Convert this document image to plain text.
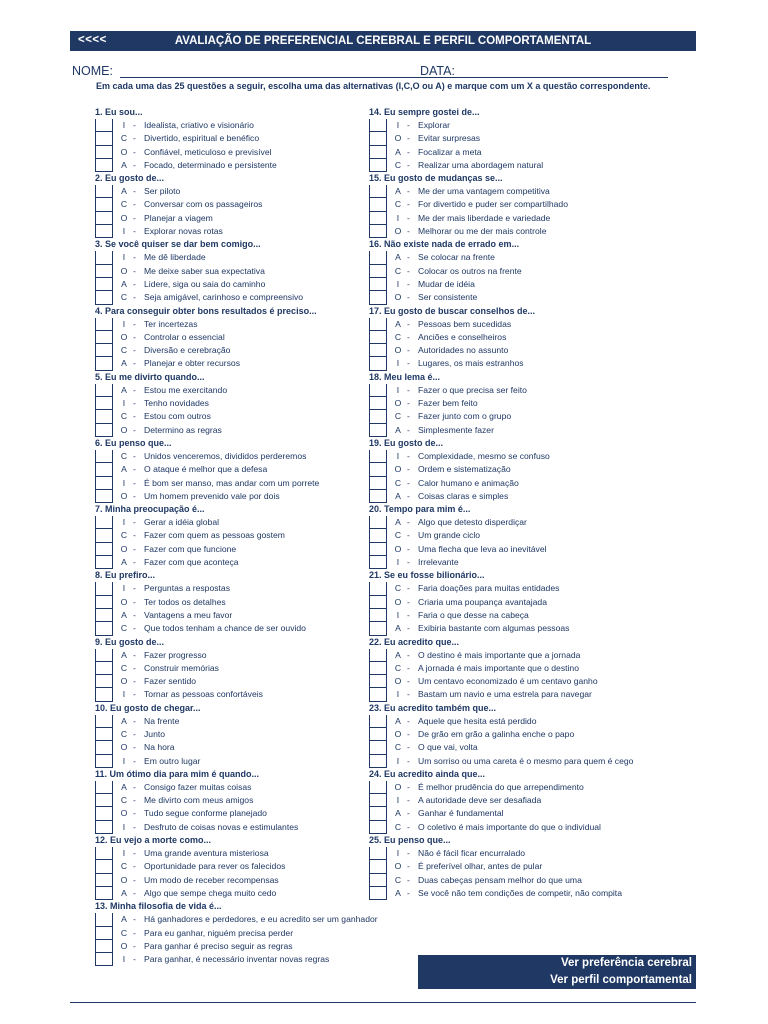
<<<<	AVALIAÇÃO DE PREFERENCIAL CEREBRAL E PERFIL COMPORTAMENTAL
NOME:	DATA:
Em cada uma das 25 questões a seguir, escolha uma das alternativas (I,C,O ou A) e marque com um X a questão correspondente.
1. Eu sou...
I - Idealista, criativo e visionário
C - Divertido, espiritual e benéfico
O - Confiável, meticuloso e previsível
A - Focado, determinado e persistente
2. Eu gosto de...
A - Ser piloto
C - Conversar com os passageiros
O - Planejar a viagem
I - Explorar novas rotas
3. Se você quiser se dar bem comigo...
I - Me dê liberdade
O - Me deixe saber sua expectativa
A - Lidere, siga ou saia do caminho
C - Seja amigável, carinhoso e compreensivo
4. Para conseguir obter bons resultados é preciso...
I - Ter incertezas
O - Controlar o essencial
C - Diversão e cerebração
A - Planejar e obter recursos
5. Eu me divirto quando...
A - Estou me exercitando
I - Tenho novidades
C - Estou com outros
O - Determino as regras
6. Eu penso que...
C - Unidos venceremos, divididos perderemos
A - O ataque é melhor que a defesa
I - É bom ser manso, mas andar com um porrete
O - Um homem prevenido vale por dois
7. Minha preocupação é...
I - Gerar a idéia global
C - Fazer com quem as pessoas gostem
O - Fazer com que funcione
A - Fazer com que aconteça
8. Eu prefiro...
I - Perguntas a respostas
O - Ter todos os detalhes
A - Vantagens a meu favor
C - Que todos tenham a chance de ser ouvido
9. Eu gosto de...
A - Fazer progresso
C - Construir memórias
O - Fazer sentido
I - Tornar as pessoas confortáveis
10. Eu gosto de chegar...
A - Na frente
C - Junto
O - Na hora
I - Em outro lugar
11. Um ótimo dia para mim é quando...
A - Consigo fazer muitas coisas
C - Me divirto com meus amigos
O - Tudo segue conforme planejado
I - Desfruto de coisas novas e estimulantes
12. Eu vejo a morte como...
I - Uma grande aventura misteriosa
C - Oportunidade para rever os falecidos
O - Um modo de receber recompensas
A - Algo que sempe chega muito cedo
13. Minha filosofia de vida é...
A - Há ganhadores e perdedores, e eu acredito ser um ganhador
C - Para eu ganhar, niguém precisa perder
O - Para ganhar é preciso seguir as regras
I - Para ganhar, é necessário inventar novas regras
14. Eu sempre gostei de...
I - Explorar
O - Evitar surpresas
A - Focalizar a meta
C - Realizar uma abordagem natural
15. Eu gosto de mudanças se...
A - Me der uma vantagem competitiva
C - For divertido e puder ser compartilhado
I - Me der mais liberdade e variedade
O - Melhorar ou me der mais controle
16. Não existe nada de errado em...
A - Se colocar na frente
C - Colocar os outros na frente
I - Mudar de idéia
O - Ser consistente
17. Eu gosto de buscar conselhos de...
A - Pessoas bem sucedidas
C - Anciões e conselheiros
O - Autoridades no assunto
I - Lugares, os mais estranhos
18. Meu lema é...
I - Fazer o que precisa ser feito
O - Fazer bem feito
C - Fazer junto com o grupo
A - Simplesmente fazer
19. Eu gosto de...
I - Complexidade, mesmo se confuso
O - Ordem e sistematização
C - Calor humano e animação
A - Coisas claras e simples
20. Tempo para mim é...
A - Algo que detesto disperdiçar
C - Um grande ciclo
O - Uma flecha que leva ao inevitável
I - Irrelevante
21. Se eu fosse bilionário...
C - Faria doações para muitas entidades
O - Criaria uma poupança avantajada
I - Faria o que desse na cabeça
A - Exibiria bastante com algumas pessoas
22. Eu acredito que...
A - O destino é mais importante que a jornada
C - A jornada é mais importante que o destino
O - Um centavo economizado é um centavo ganho
I - Bastam um navio e uma estrela para navegar
23. Eu acredito também que...
A - Aquele que hesita está perdido
O - De grão em grão a galinha enche o papo
C - O que vai, volta
I - Um sorriso ou uma careta é o mesmo para quem é cego
24. Eu acredito ainda que...
O - É melhor prudência do que arrependimento
I - A autoridade deve ser desafiada
A - Ganhar é fundamental
C - O coletivo é mais importante do que o individual
25. Eu penso que...
I - Não é fácil ficar encurralado
O - É preferível olhar, antes de pular
C - Duas cabeças pensam melhor do que uma
A - Se você não tem condições de competir, não compita
Ver preferência cerebral
Ver perfil comportamental
